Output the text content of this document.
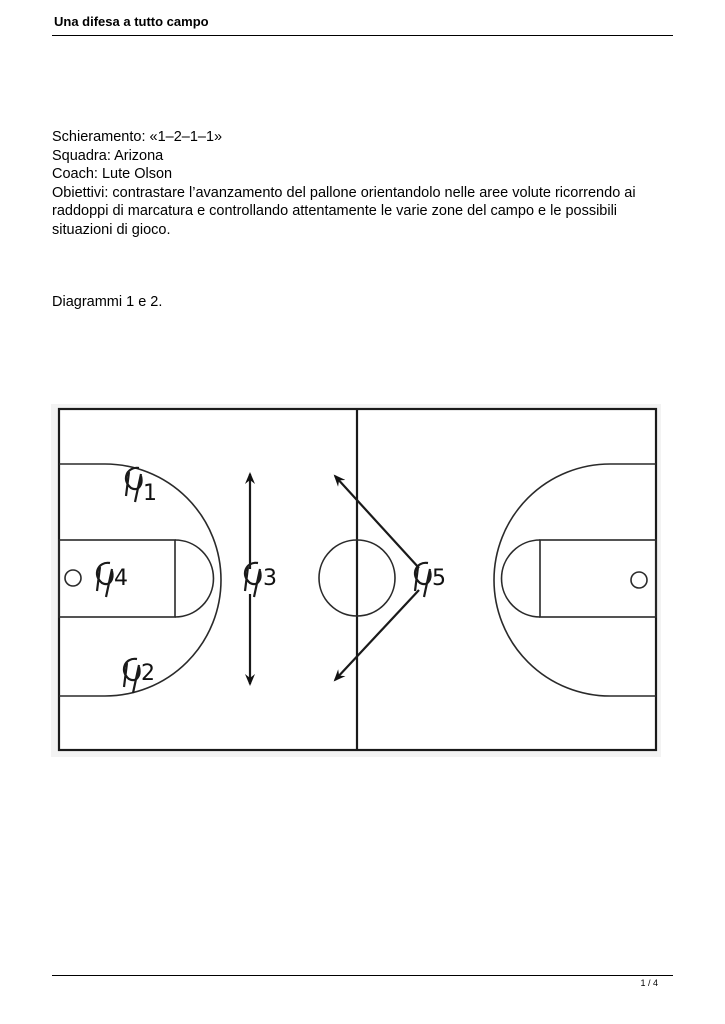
Una difesa a tutto campo
Schieramento: «1–2–1–1»
Squadra: Arizona
Coach: Lute Olson
Obiettivi: contrastare l’avanzamento del pallone orientandolo nelle aree volute ricorrendo ai raddoppi di marcatura e controllando attentamente le varie zone del campo e le possibili situazioni di gioco.
Diagrammi 1 e 2.
1
4
2
3	5
1 / 4
